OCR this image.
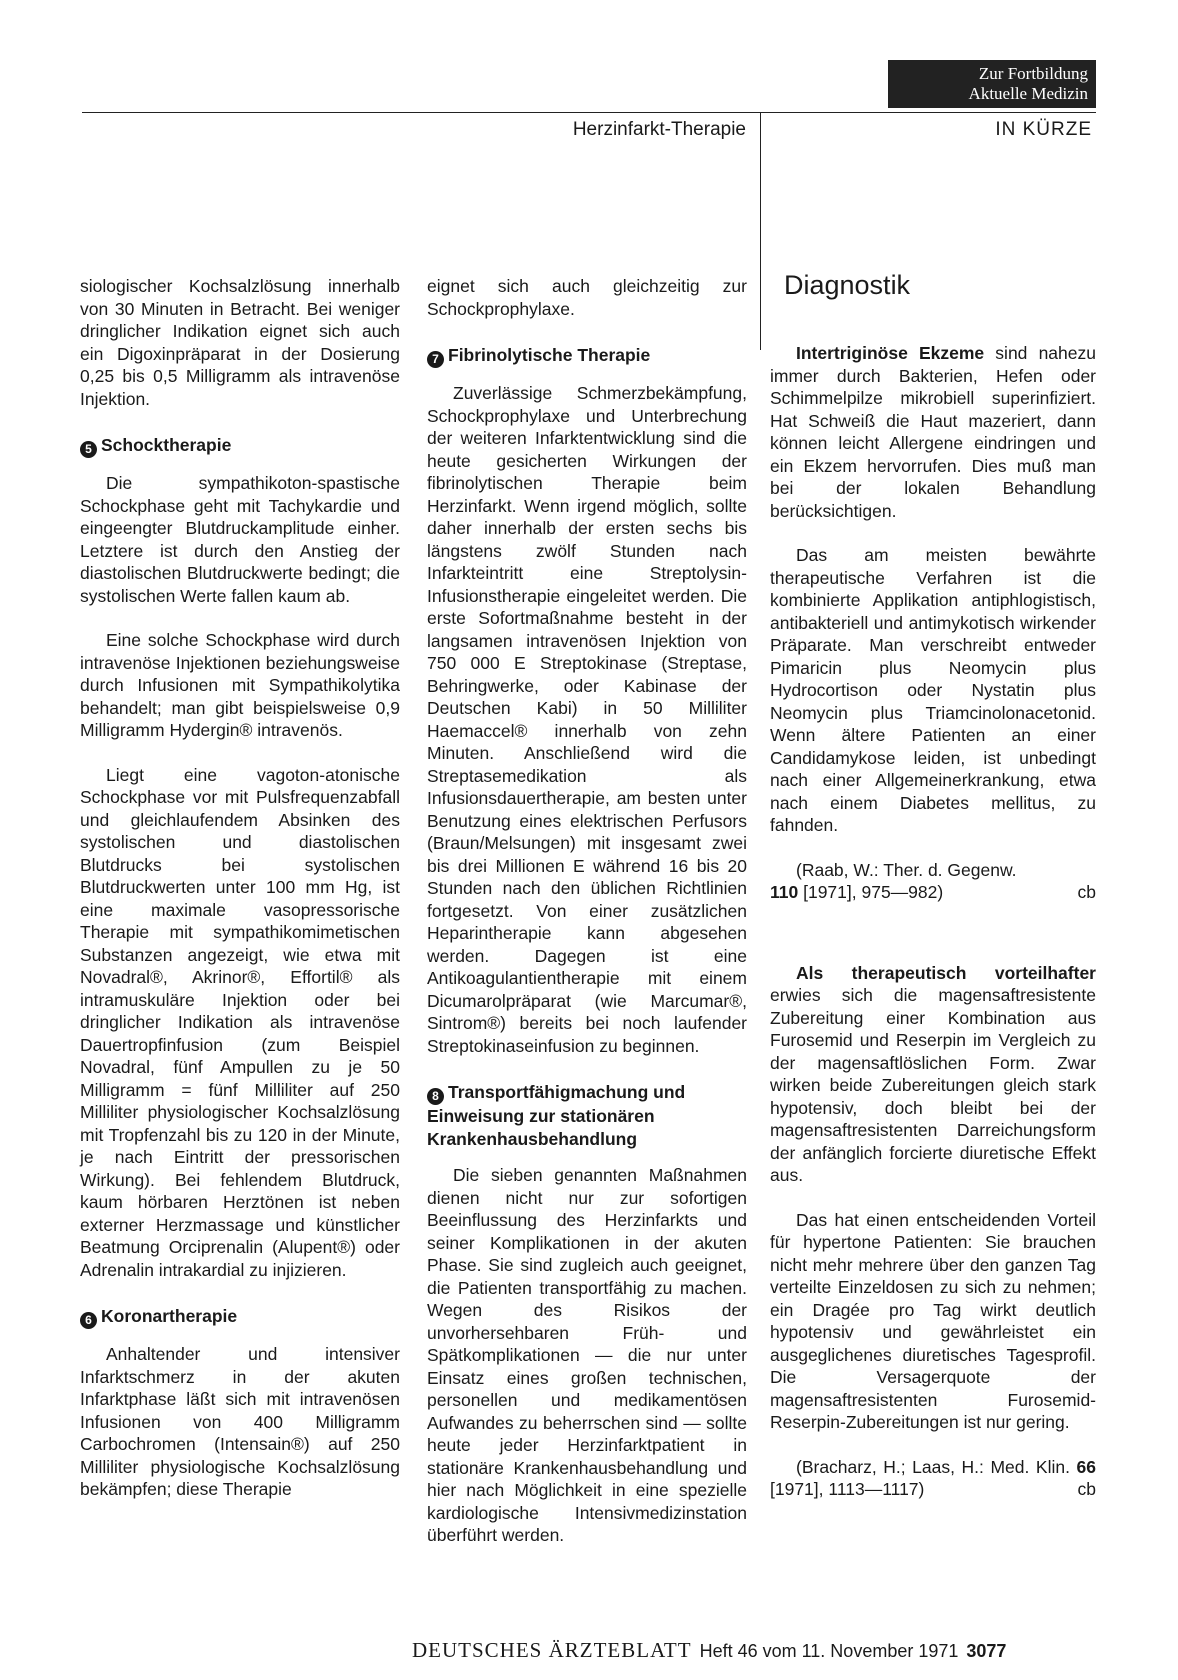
Zur Fortbildung
Aktuelle Medizin
Herzinfarkt-Therapie	IN KÜRZE

siologischer Kochsalzlösung innerhalb von 30 Minuten in Betracht. Bei weniger dringlicher Indikation eignet sich auch ein Digoxinpräparat in der Dosierung 0,25 bis 0,5 Milligramm als intravenöse Injektion.

5 Schocktherapie

Die sympathikoton-spastische Schockphase geht mit Tachykardie und eingeengter Blutdruckamplitude einher. Letztere ist durch den Anstieg der diastolischen Blutdruckwerte bedingt; die systolischen Werte fallen kaum ab.

Eine solche Schockphase wird durch intravenöse Injektionen beziehungsweise durch Infusionen mit Sympathikolytika behandelt; man gibt beispielsweise 0,9 Milligramm Hydergin® intravenös.

Liegt eine vagoton-atonische Schockphase vor mit Pulsfrequenzabfall und gleichlaufendem Absinken des systolischen und diastolischen Blutdrucks bei systolischen Blutdruckwerten unter 100 mm Hg, ist eine maximale vasopressorische Therapie mit sympathikomimetischen Substanzen angezeigt, wie etwa mit Novadral®, Akrinor®, Effortil® als intramuskuläre Injektion oder bei dringlicher Indikation als intravenöse Dauertropfinfusion (zum Beispiel Novadral, fünf Ampullen zu je 50 Milligramm = fünf Milliliter auf 250 Milliliter physiologischer Kochsalzlösung mit Tropfenzahl bis zu 120 in der Minute, je nach Eintritt der pressorischen Wirkung). Bei fehlendem Blutdruck, kaum hörbaren Herztönen ist neben externer Herzmassage und künstlicher Beatmung Orciprenalin (Alupent®) oder Adrenalin intrakardial zu injizieren.

6 Koronartherapie

Anhaltender und intensiver Infarktschmerz in der akuten Infarktphase läßt sich mit intravenösen Infusionen von 400 Milligramm Carbochromen (Intensain®) auf 250 Milliliter physiologische Kochsalzlösung bekämpfen; diese Therapie

eignet sich auch gleichzeitig zur Schockprophylaxe.

7 Fibrinolytische Therapie

Zuverlässige Schmerzbekämpfung, Schockprophylaxe und Unterbrechung der weiteren Infarktentwicklung sind die heute gesicherten Wirkungen der fibrinolytischen Therapie beim Herzinfarkt. Wenn irgend möglich, sollte daher innerhalb der ersten sechs bis längstens zwölf Stunden nach Infarkteintritt eine Streptolysin-Infusionstherapie eingeleitet werden. Die erste Sofortmaßnahme besteht in der langsamen intravenösen Injektion von 750 000 E Streptokinase (Streptase, Behringwerke, oder Kabinase der Deutschen Kabi) in 50 Milliliter Haemaccel® innerhalb von zehn Minuten. Anschließend wird die Streptasemedikation als Infusionsdauertherapie, am besten unter Benutzung eines elektrischen Perfusors (Braun/Melsungen) mit insgesamt zwei bis drei Millionen E während 16 bis 20 Stunden nach den üblichen Richtlinien fortgesetzt. Von einer zusätzlichen Heparintherapie kann abgesehen werden. Dagegen ist eine Antikoagulantientherapie mit einem Dicumarolpräparat (wie Marcumar®, Sintrom®) bereits bei noch laufender Streptokinaseinfusion zu beginnen.

8 Transportfähigmachung und Einweisung zur stationären Krankenhausbehandlung

Die sieben genannten Maßnahmen dienen nicht nur zur sofortigen Beeinflussung des Herzinfarkts und seiner Komplikationen in der akuten Phase. Sie sind zugleich auch geeignet, die Patienten transportfähig zu machen. Wegen des Risikos der unvorhersehbaren Früh- und Spätkomplikationen — die nur unter Einsatz eines großen technischen, personellen und medikamentösen Aufwandes zu beherrschen sind — sollte heute jeder Herzinfarktpatient in stationäre Krankenhausbehandlung und hier nach Möglichkeit in eine spezielle kardiologische Intensivmedizinstation überführt werden.

Diagnostik

Intertriginöse Ekzeme sind nahezu immer durch Bakterien, Hefen oder Schimmelpilze mikrobiell superinfiziert. Hat Schweiß die Haut mazeriert, dann können leicht Allergene eindringen und ein Ekzem hervorrufen. Dies muß man bei der lokalen Behandlung berücksichtigen.

Das am meisten bewährte therapeutische Verfahren ist die kombinierte Applikation antiphlogistisch, antibakteriell und antimykotisch wirkender Präparate. Man verschreibt entweder Pimaricin plus Neomycin plus Hydrocortison oder Nystatin plus Neomycin plus Triamcinolonacetonid. Wenn ältere Patienten an einer Candidamykose leiden, ist unbedingt nach einer Allgemeinerkrankung, etwa nach einem Diabetes mellitus, zu fahnden.

(Raab, W.: Ther. d. Gegenw.
110 [1971], 975—982)	cb

Als therapeutisch vorteilhafter erwies sich die magensaftresistente Zubereitung einer Kombination aus Furosemid und Reserpin im Vergleich zu der magensaftlöslichen Form. Zwar wirken beide Zubereitungen gleich stark hypotensiv, doch bleibt bei der magensaftresistenten Darreichungsform der anfänglich forcierte diuretische Effekt aus.

Das hat einen entscheidenden Vorteil für hypertone Patienten: Sie brauchen nicht mehr mehrere über den ganzen Tag verteilte Einzeldosen zu sich zu nehmen; ein Dragée pro Tag wirkt deutlich hypotensiv und gewährleistet ein ausgeglichenes diuretisches Tagesprofil. Die Versagerquote der magensaftresistenten Furosemid-Reserpin-Zubereitungen ist nur gering.

(Bracharz, H.; Laas, H.: Med. Klin. 66 [1971], 1113—1117)	cb

DEUTSCHES ÄRZTEBLATT Heft 46 vom 11. November 1971 3077
